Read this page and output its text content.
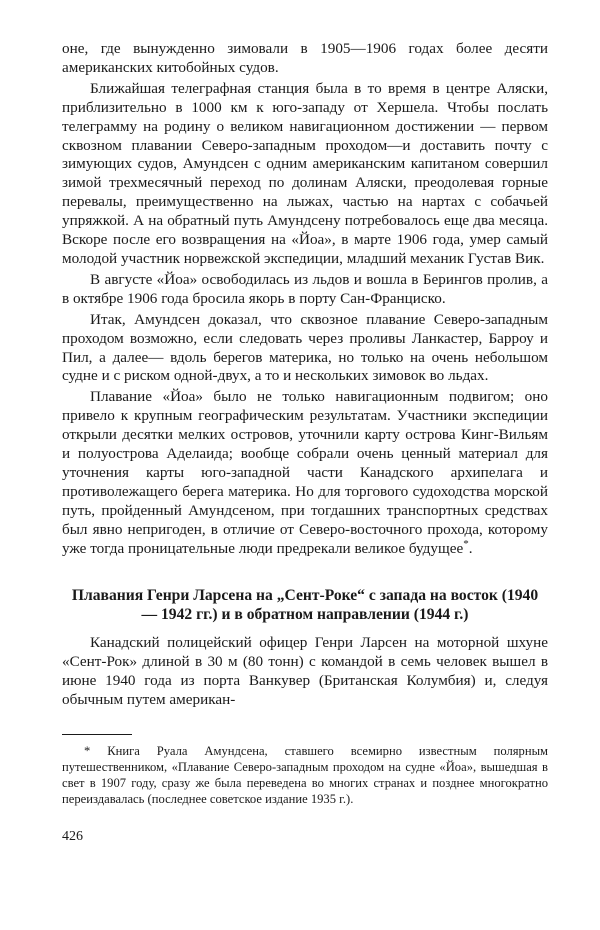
оне, где вынужденно зимовали в 1905—1906 годах более десяти американских китобойных судов.

Ближайшая телеграфная станция была в то время в центре Аляски, приблизительно в 1000 км к юго-западу от Хершела. Чтобы послать телеграмму на родину о великом навигационном достижении — первом сквозном плавании Северо-западным проходом—и доставить почту с зимующих судов, Амундсен с одним американским капитаном совершил зимой трехмесячный переход по долинам Аляски, преодолевая горные перевалы, преимущественно на лыжах, частью на нартах с собачьей упряжкой. А на обратный путь Амундсену потребовалось еще два месяца. Вскоре после его возвращения на «Йоа», в марте 1906 года, умер самый молодой участник норвежской экспедиции, младший механик Густав Вик.

В августе «Йоа» освободилась из льдов и вошла в Берингов пролив, а в октябре 1906 года бросила якорь в порту Сан-Франциско.

Итак, Амундсен доказал, что сквозное плавание Северо-западным проходом возможно, если следовать через проливы Ланкастер, Барроу и Пил, а далее— вдоль берегов материка, но только на очень небольшом судне и с риском одной-двух, а то и нескольких зимовок во льдах.

Плавание «Йоа» было не только навигационным подвигом; оно привело к крупным географическим результатам. Участники экспедиции открыли десятки мелких островов, уточнили карту острова Кинг-Вильям и полуострова Аделаида; вообще собрали очень ценный материал для уточнения карты юго-западной части Канадского архипелага и противолежащего берега материка. Но для торгового судоходства морской путь, пройденный Амундсеном, при тогдашних транспортных средствах был явно непригоден, в отличие от Северо-восточного прохода, которому уже тогда проницательные люди предрекали великое будущее*.

Плавания Генри Ларсена на „Сент-Роке“ с запада на восток (1940 — 1942 гг.) и в обратном направлении (1944 г.)

Канадский полицейский офицер Генри Ларсен на моторной шхуне «Сент-Рок» длиной в 30 м (80 тонн) с командой в семь человек вышел в июне 1940 года из порта Ванкувер (Британская Колумбия) и, следуя обычным путем американ-

* Книга Руала Амундсена, ставшего всемирно известным полярным путешественником, «Плавание Северо-западным проходом на судне «Йоа», вышедшая в свет в 1907 году, сразу же была переведена во многих странах и позднее многократно переиздавалась (последнее советское издание 1935 г.).

426
